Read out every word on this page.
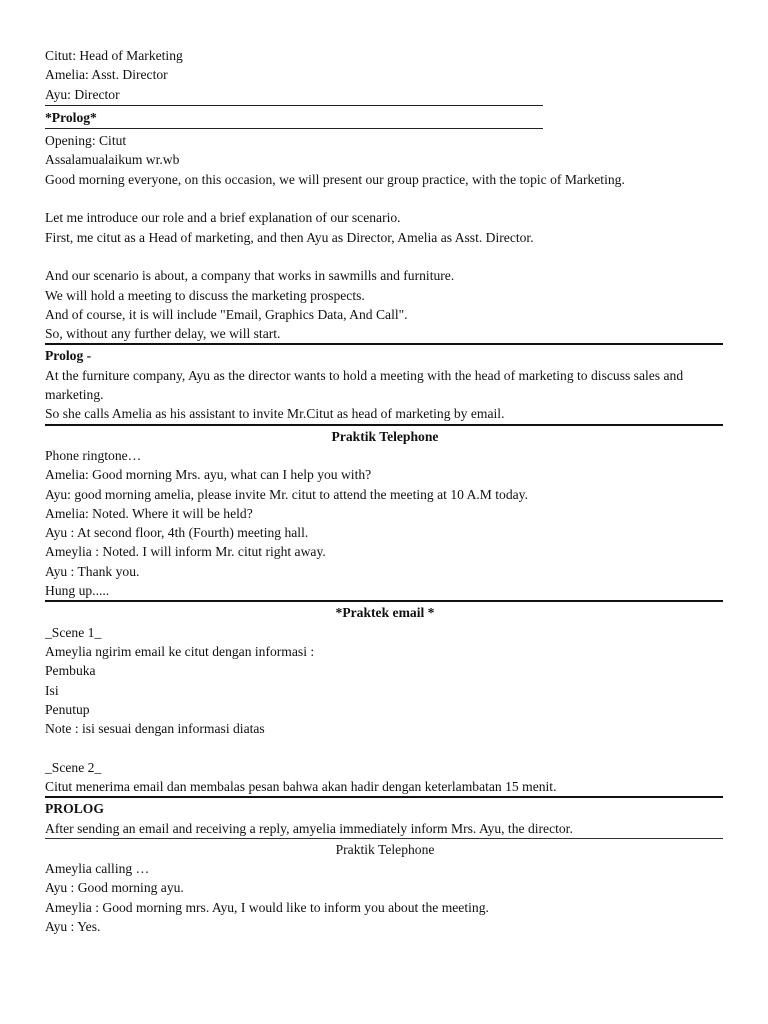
Citut: Head of Marketing
Amelia: Asst. Director
Ayu: Director
*Prolog*
Opening: Citut
Assalamualaikum wr.wb
Good morning everyone, on this occasion, we will present our group practice, with the topic of Marketing.
Let me introduce our role and a brief explanation of our scenario.
First, me citut as a Head of marketing, and then Ayu as Director, Amelia as Asst. Director.
And our scenario is about, a company that works in sawmills and furniture.
We will hold a meeting to discuss the marketing prospects.
And of course, it is will include "Email, Graphics Data, And Call".
So, without any further delay, we will start.
Prolog -
At the furniture company, Ayu as the director wants to hold a meeting with the head of marketing to discuss sales and marketing.
So she calls Amelia as his assistant to invite Mr.Citut as head of marketing by email.
Praktik Telephone
Phone ringtone…
Amelia: Good morning Mrs. ayu, what can I help you with?
Ayu: good morning amelia, please invite Mr. citut to attend the meeting at 10 A.M today.
Amelia: Noted. Where it will be held?
Ayu : At second floor, 4th (Fourth) meeting hall.
Ameylia : Noted. I will inform Mr. citut right away.
Ayu : Thank you.
Hung up.....
*Praktek email *
_Scene 1_
Ameylia ngirim email ke citut dengan informasi :
Pembuka
Isi
Penutup
Note : isi sesuai dengan informasi diatas
_Scene 2_
Citut menerima email dan membalas pesan bahwa akan hadir dengan keterlambatan 15 menit.
PROLOG
After sending an email and receiving a reply, amyelia immediately inform Mrs. Ayu, the director.
Praktik Telephone
Ameylia calling …
Ayu : Good morning ayu.
Ameylia : Good morning mrs. Ayu, I would like to inform you about the meeting.
Ayu : Yes.
